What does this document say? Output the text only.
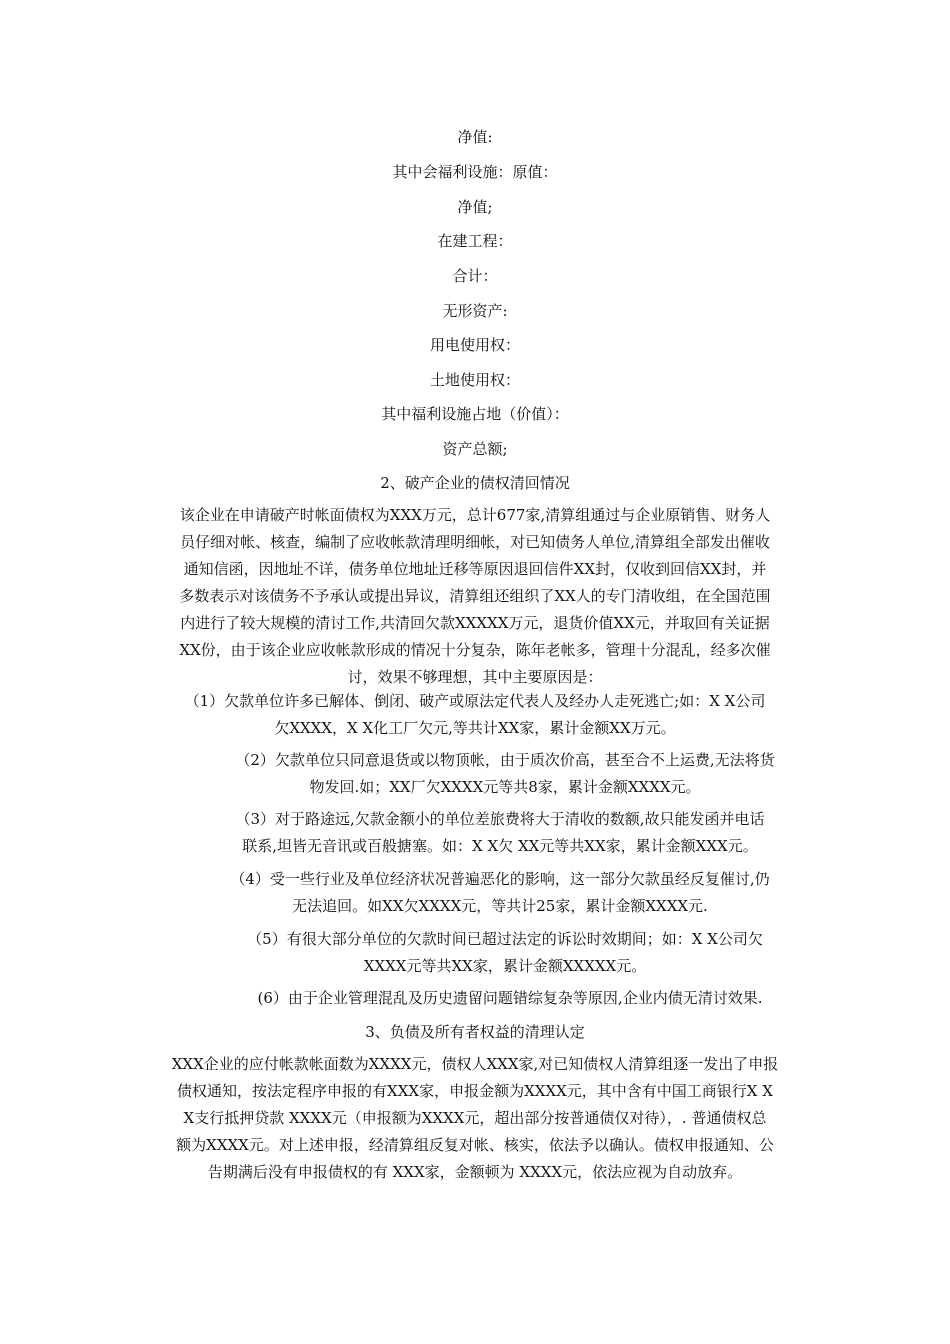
净值:
其中会福利设施：原值：
净值;
在建工程：
合计：
无形资产:
用电使用权：
土地使用权：
其中福利设施占地（价值）：
资产总额;
2、破产企业的债权清回情况
该企业在申请破产时帐面债权为XXX万元，总计677家,清算组通过与企业原销售、财务人
员仔细对帐、核查，编制了应收帐款清理明细帐，对已知债务人单位,清算组全部发出催收
通知信函，因地址不详，债务单位地址迁移等原因退回信件XX封，仅收到回信XX封，并
多数表示对该债务不予承认或提出异议，清算组还组织了XX人的专门清收组，在全国范围
内进行了较大规模的清讨工作,共清回欠款XXXXX万元，退货价值XX元，并取回有关证据
XX份，由于该企业应收帐款形成的情况十分复杂，陈年老帐多，管理十分混乱，经多次催
讨，效果不够理想，其中主要原因是：
（1）欠款单位许多已解体、倒闭、破产或原法定代表人及经办人走死逃亡;如：X X公司
欠XXXX，X X化工厂欠元,等共计XX家，累计金额XX万元。
（2）欠款单位只同意退货或以物顶帐，由于质次价高，甚至合不上运费,无法将货
物发回.如；XX厂欠XXXX元等共8家，累计金额XXXX元。
（3）对于路途远,欠款金额小的单位差旅费将大于清收的数额,故只能发函并电话
联系,坦皆无音讯或百般搪塞。如：X X欠 XX元等共XX家，累计金额XXX元。
（4）受一些行业及单位经济状况普遍恶化的影响，这一部分欠款虽经反复催讨,仍
无法追回。如XX欠XXXX元，等共计25家，累计金额XXXX元.
（5）有很大部分单位的欠款时间已超过法定的诉讼时效期间；如：X X公司欠
XXXX元等共XX家，累计金额XXXXX元。
(6）由于企业管理混乱及历史遗留问题错综复杂等原因,企业内债无清讨效果.
3、负债及所有者权益的清理认定
XXX企业的应付帐款帐面数为XXXX元，债权人XXX家,对已知债权人清算组逐一发出了申报
债权通知，按法定程序申报的有XXX家，申报金额为XXXX元，其中含有中国工商银行X X
X支行抵押贷款 XXXX元（申报额为XXXX元，超出部分按普通债仅对待），. 普通债权总
额为XXXX元。对上述申报，经清算组反复对帐、核实，依法予以确认。债权申报通知、公
告期满后没有申报债权的有 XXX家，金额顿为 XXXX元，依法应视为自动放弃。
